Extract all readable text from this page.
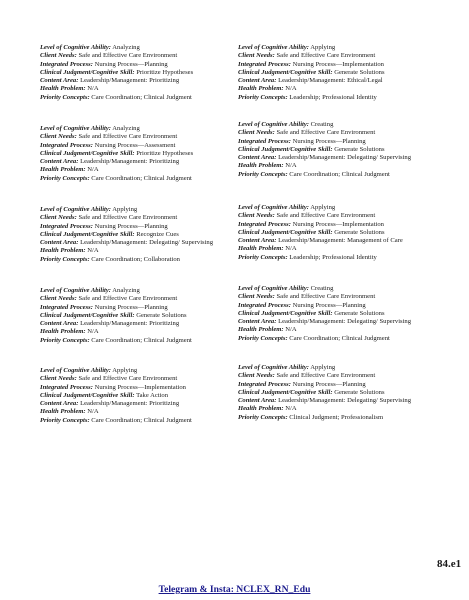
Level of Cognitive Ability: Analyzing
Client Needs: Safe and Effective Care Environment
Integrated Process: Nursing Process—Planning
Clinical Judgment/Cognitive Skill: Prioritize Hypotheses
Content Area: Leadership/Management: Prioritizing
Health Problem: N/A
Priority Concepts: Care Coordination; Clinical Judgment
Level of Cognitive Ability: Analyzing
Client Needs: Safe and Effective Care Environment
Integrated Process: Nursing Process—Assessment
Clinical Judgment/Cognitive Skill: Prioritize Hypotheses
Content Area: Leadership/Management: Prioritizing
Health Problem: N/A
Priority Concepts: Care Coordination; Clinical Judgment
Level of Cognitive Ability: Applying
Client Needs: Safe and Effective Care Environment
Integrated Process: Nursing Process—Planning
Clinical Judgment/Cognitive Skill: Recognize Cues
Content Area: Leadership/Management: Delegating/ Supervising
Health Problem: N/A
Priority Concepts: Care Coordination; Collaboration
Level of Cognitive Ability: Analyzing
Client Needs: Safe and Effective Care Environment
Integrated Process: Nursing Process—Planning
Clinical Judgment/Cognitive Skill: Generate Solutions
Content Area: Leadership/Management: Prioritizing
Health Problem: N/A
Priority Concepts: Care Coordination; Clinical Judgment
Level of Cognitive Ability: Applying
Client Needs: Safe and Effective Care Environment
Integrated Process: Nursing Process—Implementation
Clinical Judgment/Cognitive Skill: Take Action
Content Area: Leadership/Management: Prioritizing
Health Problem: N/A
Priority Concepts: Care Coordination; Clinical Judgment
Level of Cognitive Ability: Applying
Client Needs: Safe and Effective Care Environment
Integrated Process: Nursing Process—Implementation
Clinical Judgment/Cognitive Skill: Generate Solutions
Content Area: Leadership/Management: Ethical/Legal
Health Problem: N/A
Priority Concepts: Leadership; Professional Identity
Level of Cognitive Ability: Creating
Client Needs: Safe and Effective Care Environment
Integrated Process: Nursing Process—Planning
Clinical Judgment/Cognitive Skill: Generate Solutions
Content Area: Leadership/Management: Delegating/ Supervising
Health Problem: N/A
Priority Concepts: Care Coordination; Clinical Judgment
Level of Cognitive Ability: Applying
Client Needs: Safe and Effective Care Environment
Integrated Process: Nursing Process—Implementation
Clinical Judgment/Cognitive Skill: Generate Solutions
Content Area: Leadership/Management: Management of Care
Health Problem: N/A
Priority Concepts: Leadership; Professional Identity
Level of Cognitive Ability: Creating
Client Needs: Safe and Effective Care Environment
Integrated Process: Nursing Process—Planning
Clinical Judgment/Cognitive Skill: Generate Solutions
Content Area: Leadership/Management: Delegating/ Supervising
Health Problem: N/A
Priority Concepts: Care Coordination; Clinical Judgment
Level of Cognitive Ability: Applying
Client Needs: Safe and Effective Care Environment
Integrated Process: Nursing Process—Planning
Clinical Judgment/Cognitive Skill: Generate Solutions
Content Area: Leadership/Management: Delegating/ Supervising
Health Problem: N/A
Priority Concepts: Clinical Judgment; Professionalism
84.e1
Telegram & Insta: NCLEX_RN_Edu
